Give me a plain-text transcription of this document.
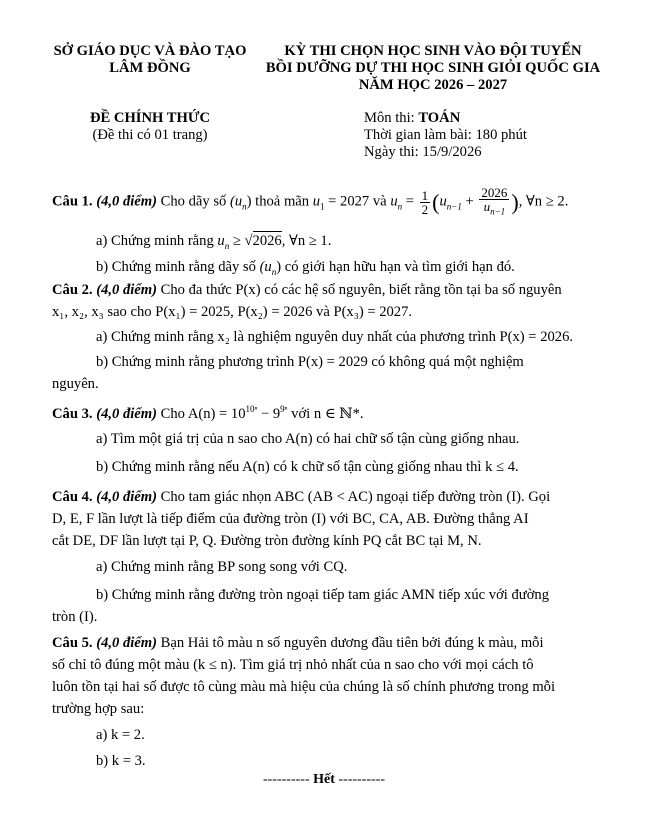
SỞ GIÁO DỤC VÀ ĐÀO TẠO
LÂM ĐỒNG
KỲ THI CHỌN HỌC SINH VÀO ĐỘI TUYỂN
BỒI DƯỠNG DỰ THI HỌC SINH GIỎI QUỐC GIA
NĂM HỌC 2026 – 2027
ĐỀ CHÍNH THỨC
(Đề thi có 01 trang)
Môn thi: TOÁN
Thời gian làm bài: 180 phút
Ngày thi: 15/9/2026
Câu 1. (4,0 điểm) Cho dãy số $(u_n)$ thoả mãn $u_1 = 2027$ và $u_n = \frac{1}{2} (u_{n-1} + \frac{2026}{u_{n-1}}$ ), ∀n ≥ 2.
a) Chứng minh rằng $u_n \ge √2026$, ∀n ≥ 1.
b) Chứng minh rằng dãy số $(u_n)$ có giới hạn hữu hạn và tìm giới hạn đó.
Câu 2. (4,0 điểm) Cho đa thức P(x) có các hệ số nguyên, biết rằng tồn tại ba số nguyên
x₁, x₂, x₃ sao cho P(x₁) = 2025, P(x₂) = 2026 và P(x₃) = 2027.
a) Chứng minh rằng x₂ là nghiệm nguyên duy nhất của phương trình P(x) = 2026.
b) Chứng minh rằng phương trình P(x) = 2029 có không quá một nghiệm
nguyên.
Câu 3. (4,0 điểm) Cho $A(n) = 10^{10^n} - 9^{9^n}$ với n ∈ ℕ*.
a) Tìm một giá trị của n sao cho A(n) có hai chữ số tận cùng giống nhau.
b) Chứng minh rằng nếu A(n) có k chữ số tận cùng giống nhau thì k ≤ 4.
Câu 4. (4,0 điểm) Cho tam giác nhọn ABC (AB < AC) ngoại tiếp đường tròn (I). Gọi
D, E, F lần lượt là tiếp điểm của đường tròn (I) với BC, CA, AB. Đường thẳng AI
cắt DE, DF lần lượt tại P, Q. Đường tròn đường kính PQ cắt BC tại M, N.
a) Chứng minh rằng BP song song với CQ.
b) Chứng minh rằng đường tròn ngoại tiếp tam giác AMN tiếp xúc với đường
tròn (I).
Câu 5. (4,0 điểm) Bạn Hải tô màu n số nguyên dương đầu tiên bởi đúng k màu, mỗi
số chỉ tô đúng một màu (k ≤ n). Tìm giá trị nhỏ nhất của n sao cho với mọi cách tô
luôn tồn tại hai số được tô cùng màu mà hiệu của chúng là số chính phương trong mỗi
trường hợp sau:
a) k = 2.
b) k = 3.
---------- Hết ----------
